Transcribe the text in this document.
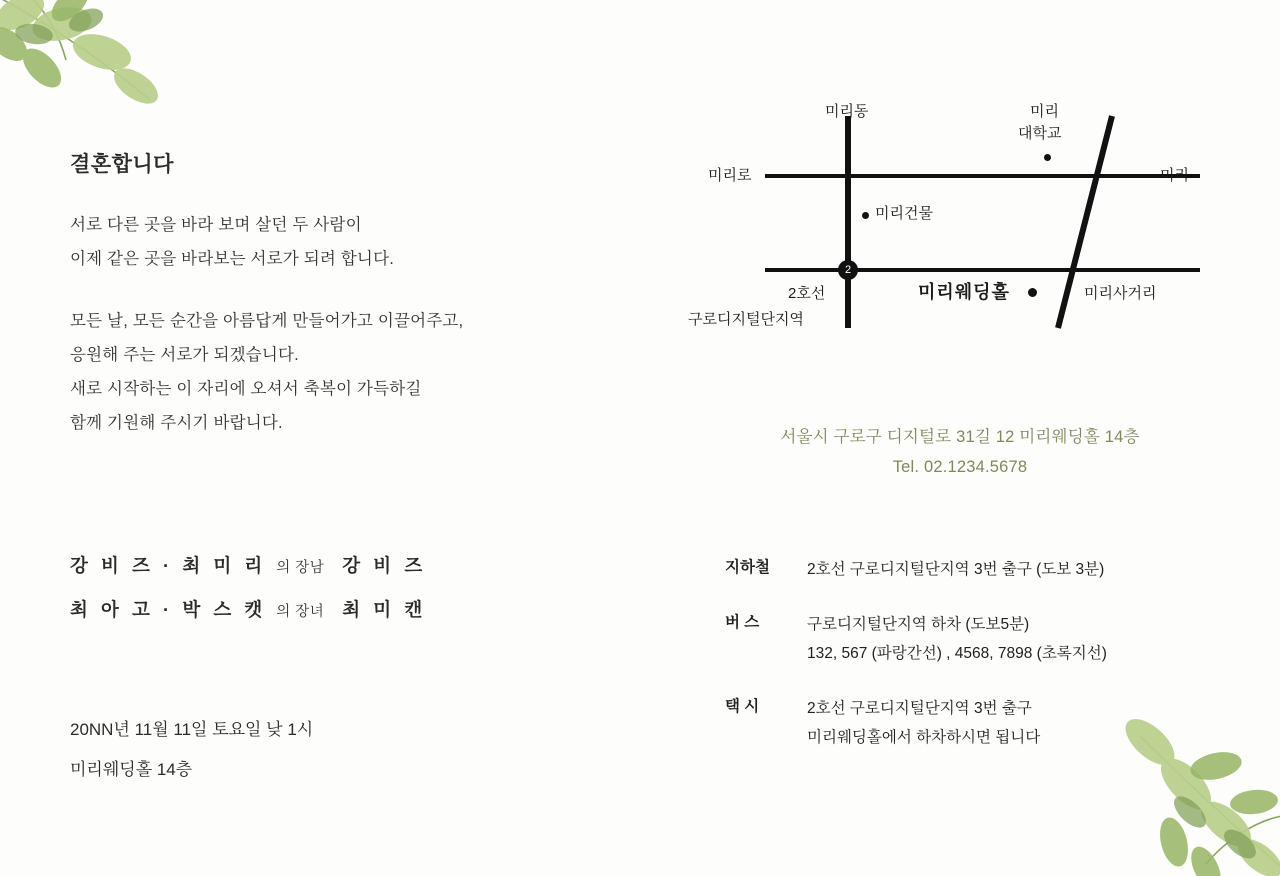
결혼합니다
서로 다른 곳을 바라 보며 살던 두 사람이
이제 같은 곳을 바라보는 서로가 되려 합니다.
모든 날, 모든 순간을 아름답게 만들어가고 이끌어주고,
응원해 주는 서로가 되겠습니다.
새로 시작하는 이 자리에 오셔서 축복이 가득하길
함께 기원해 주시기 바랍니다.
강 비 즈 · 최 미 리 의 장남 강 비 즈
최 아 고 · 박 스 캣 의 장녀 최 미 캔
20NN년 11월 11일 토요일 낮 1시
미리웨딩홀 14층
2
미리동	미리
대학교
미리로	미리
미리건물
2호선
구로디지털단지역
미리사거리
미리웨딩홀
서울시 구로구 디지털로 31길 12 미리웨딩홀 14층
Tel. 02.1234.5678
지하철	2호선 구로디지털단지역 3번 출구 (도보 3분)
버 스	구로디지털단지역 하차 (도보5분)
132, 567 (파랑간선) , 4568, 7898 (초록지선)
택 시	2호선 구로디지털단지역 3번 출구
미리웨딩홀에서 하차하시면 됩니다
